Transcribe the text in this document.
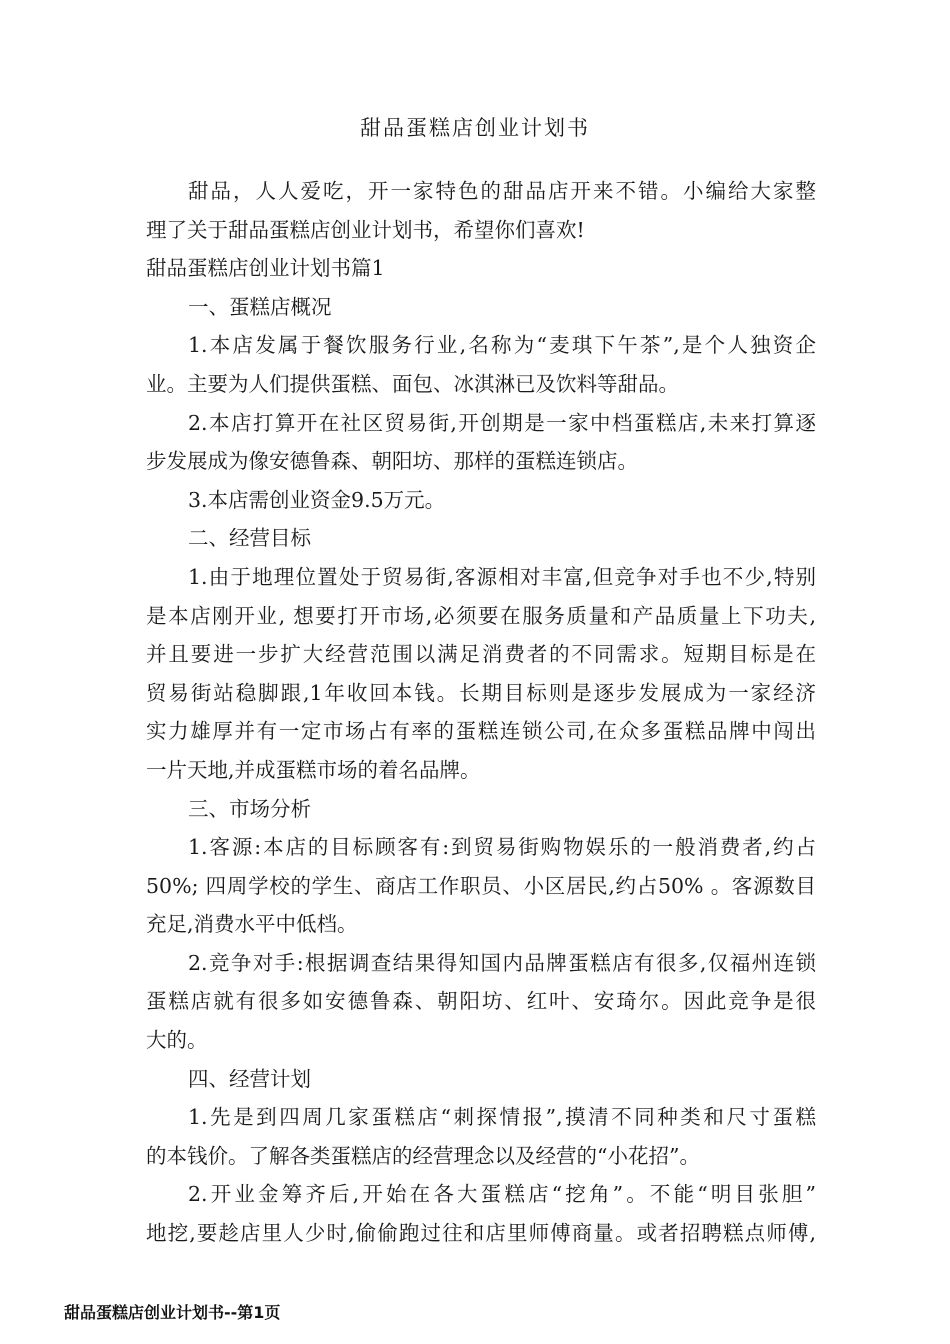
甜品蛋糕店创业计划书
甜品，人人爱吃，开一家特色的甜品店开来不错。小编给大家整
理了关于甜品蛋糕店创业计划书，希望你们喜欢!
甜品蛋糕店创业计划书篇1
一、蛋糕店概况
1.本店发属于餐饮服务行业,名称为“麦琪下午茶”,是个人独资企
业。主要为人们提供蛋糕、面包、冰淇淋已及饮料等甜品。
2.本店打算开在社区贸易街,开创期是一家中档蛋糕店,未来打算逐
步发展成为像安德鲁森、朝阳坊、那样的蛋糕连锁店。
3.本店需创业资金9.5万元。
二、经营目标
1.由于地理位置处于贸易街,客源相对丰富,但竞争对手也不少,特别
是本店刚开业, 想要打开市场,必须要在服务质量和产品质量上下功夫,
并且要进一步扩大经营范围以满足消费者的不同需求。短期目标是在
贸易街站稳脚跟,1年收回本钱。长期目标则是逐步发展成为一家经济
实力雄厚并有一定市场占有率的蛋糕连锁公司,在众多蛋糕品牌中闯出
一片天地,并成蛋糕市场的着名品牌。
三、市场分析
1.客源:本店的目标顾客有:到贸易街购物娱乐的一般消费者,约占
50%; 四周学校的学生、商店工作职员、小区居民,约占50% 。客源数目
充足,消费水平中低档。
2.竞争对手:根据调查结果得知国内品牌蛋糕店有很多,仅福州连锁
蛋糕店就有很多如安德鲁森、朝阳坊、红叶、安琦尔。因此竞争是很
大的。
四、经营计划
1.先是到四周几家蛋糕店“刺探情报”,摸清不同种类和尺寸蛋糕
的本钱价。了解各类蛋糕店的经营理念以及经营的“小花招”。
2.开业金筹齐后,开始在各大蛋糕店“挖角”。不能“明目张胆”
地挖,要趁店里人少时,偷偷跑过往和店里师傅商量。或者招聘糕点师傅,
甜品蛋糕店创业计划书--第1页
